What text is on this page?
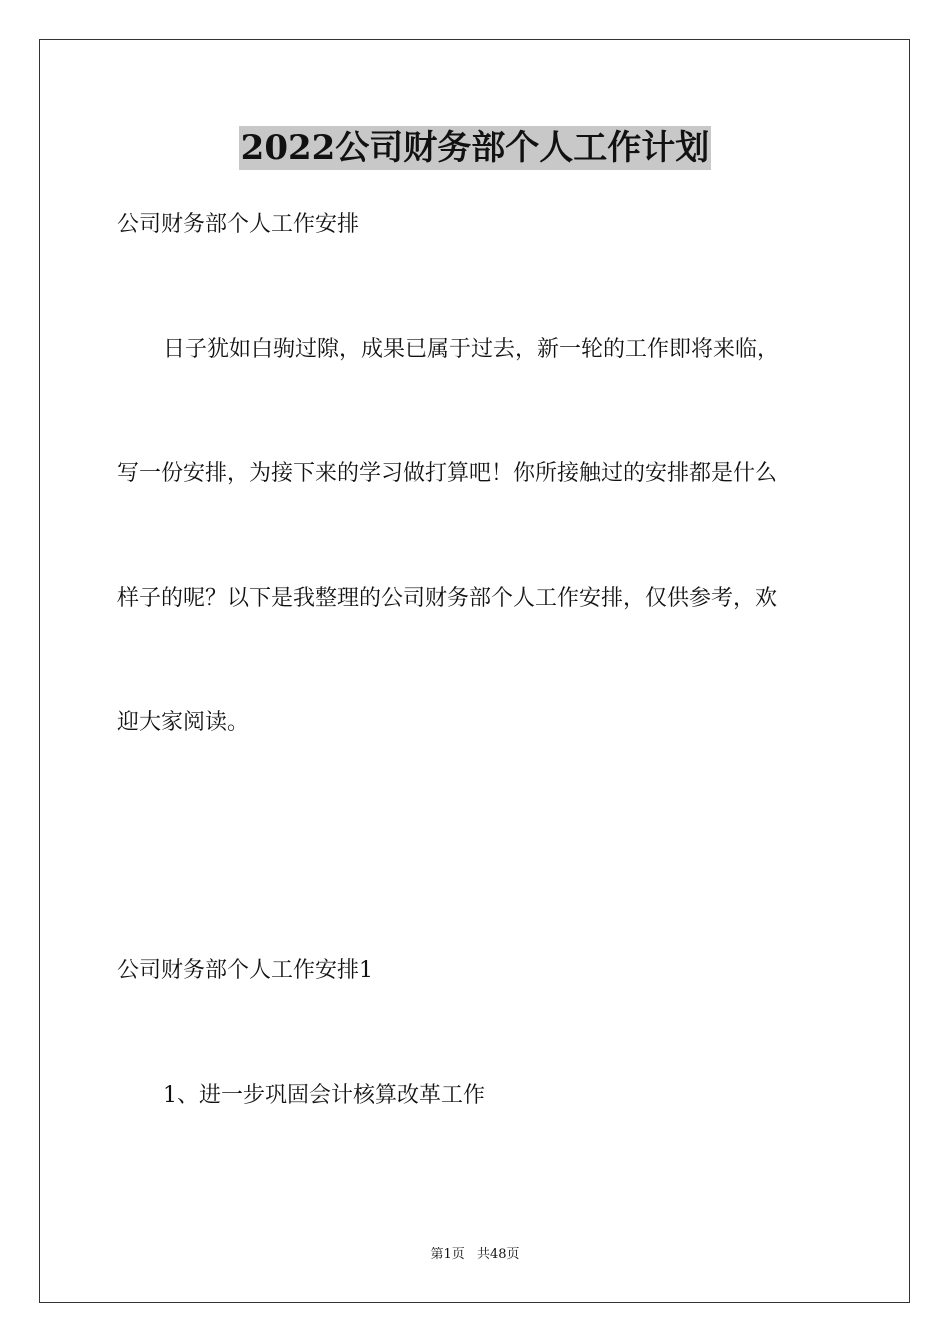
2022公司财务部个人工作计划
公司财务部个人工作安排
日子犹如白驹过隙，成果已属于过去，新一轮的工作即将来临，
写一份安排，为接下来的学习做打算吧！你所接触过的安排都是什么
样子的呢？以下是我整理的公司财务部个人工作安排，仅供参考，欢
迎大家阅读。
公司财务部个人工作安排1
1、进一步巩固会计核算改革工作
第1页 共48页
